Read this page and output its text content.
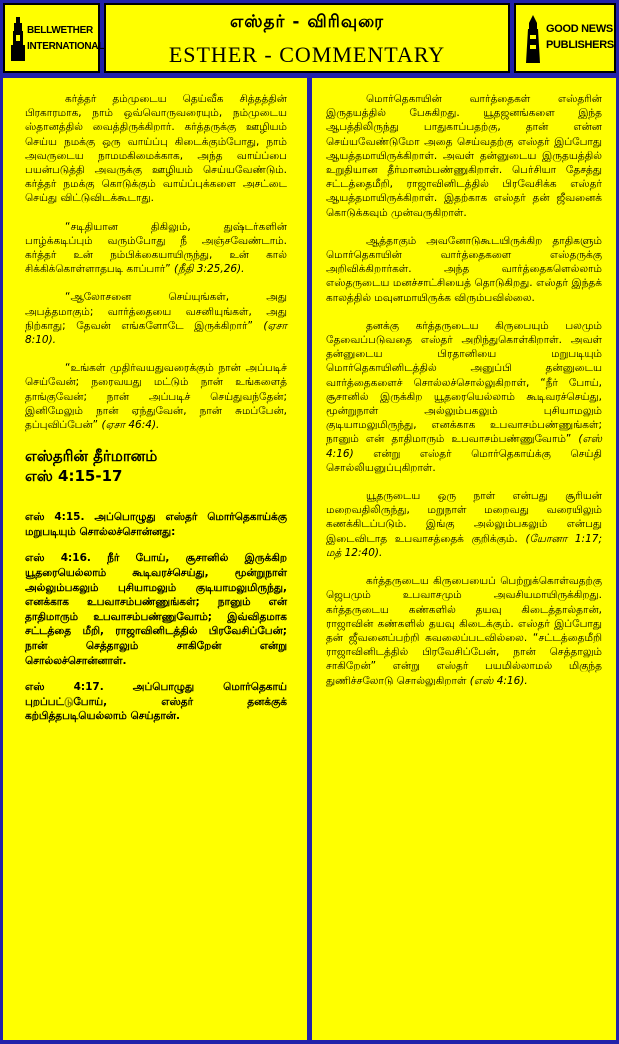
BELLWETHER
INTERNATIONAL
எஸ்தர் - விரிவுரை
ESTHER - COMMENTARY
GOOD NEWS
PUBLISHERS

கர்த்தர் தம்முடைய தெய்வீக சித்தத்தின் பிரகாரமாக, நாம் ஒவ்வொருவரையும், நம்முடைய ஸ்தானத்தில் வைத்திருக்கிறார். கர்த்தருக்கு ஊழியம் செய்ய நமக்கு ஒரு வாய்ப்பு கிடைக்கும்போது, நாம் அவருடைய நாமமகிமைக்காக, அந்த வாய்ப்பை பயன்படுத்தி அவருக்கு ஊழியம் செய்யவேண்டும். கர்த்தர் நமக்கு கொடுக்கும் வாய்ப்புக்களை அசட்டை செய்து விட்டுவிடக்கூடாது.

“சடிதியான திகிலும், துஷ்டர்களின் பாழ்க்கடிப்பும் வரும்போது நீ அஞ்சவேண்டாம். கர்த்தர் உன் நம்பிக்கையாயிருந்து, உன் கால் சிக்கிக்கொள்ளாதபடி காப்பார்” (நீதி 3:25,26).

“ஆலோசனை செய்யுங்கள், அது அபத்தமாகும்; வார்த்தையை வசனியுங்கள், அது நிற்காது; தேவன் எங்களோடே இருக்கிறார்” (ஏசா 8:10).

“உங்கள் முதிர்வயதுவரைக்கும் நான் அப்படிச் செய்வேன்; நரைவயது மட்டும் நான் உங்களைத் தாங்குவேன்; நான் அப்படிச் செய்துவந்தேன்; இனிமேலும் நான் ஏந்துவேன், நான் சுமப்பேன், தப்புவிப்பேன்” (ஏசா 46:4).

எஸ்தரின் தீர்மானம்
எஸ் 4:15-17

எஸ் 4:15. அப்பொழுது எஸ்தர் மொர்தெகாய்க்கு மறுபடியும் சொல்லச்சொன்னது:

எஸ் 4:16. நீர் போய், சூசானில் இருக்கிற யூதரையெல்லாம் கூடிவரச்செய்து, மூன்றுநாள் அல்லும்பகலும் புசியாமலும் குடியாமலுமிருந்து, எனக்காக உபவாசம்பண்ணுங்கள்; நானும் என் தாதிமாரும் உபவாசம்பண்ணுவோம்; இவ்விதமாக சட்டத்தை மீறி, ராஜாவினிடத்தில் பிரவேசிப்பேன்; நான் செத்தாலும் சாகிறேன் என்று சொல்லச்சொன்னாள்.

எஸ் 4:17. அப்பொழுது மொர்தெகாய் புறப்பட்டுபோய், எஸ்தர் தனக்குக் கற்பித்தபடியெல்லாம் செய்தான்.

மொர்தெகாயின் வார்த்தைகள் எஸ்தரின் இருதயத்தில் பேசுகிறது. யூதஜனங்களை இந்த ஆபத்திலிருந்து பாதுகாப்பதற்கு, தான் என்ன செய்யவேண்டுமோ அதை செய்வதற்கு எஸ்தர் இப்போது ஆயத்தமாயிருக்கிறாள். அவள் தன்னுடைய இருதயத்தில் உறுதியான தீர்மானம்பண்ணுகிறாள். பெர்சியா தேசத்து சட்டத்தைமீறி, ராஜாவினிடத்தில் பிரவேசிக்க எஸ்தர் ஆயத்தமாயிருக்கிறாள். இதற்காக எஸ்தர் தன் ஜீவனைக் கொடுக்கவும் முன்வருகிறாள்.

ஆத்தாகும் அவனோடுகூடயிருக்கிற தாதிகளும் மொர்தெகாயின் வார்த்தைகளை எஸ்தருக்கு அறிவிக்கிறார்கள். அந்த வார்த்தைகளெல்லாம் எஸ்தருடைய மனச்சாட்சியைத் தொடுகிறது. எஸ்தர் இந்தக் காலத்தில் மவுனமாயிருக்க விரும்பவில்லை.

தனக்கு கர்த்தருடைய கிருபையும் பலமும் தேவைப்படுவதை எஸ்தர் அறிந்துகொள்கிறாள். அவள் தன்னுடைய பிரதானியை மறுபடியும் மொர்தெகாயினிடத்தில் அனுப்பி தன்னுடைய வார்த்தைகளைச் சொல்லச்சொல்லுகிறாள், “நீர் போய், சூசானில் இருக்கிற யூதரையெல்லாம் கூடிவரச்செய்து, மூன்றுநாள் அல்லும்பகலும் புசியாமலும் குடியாமலுமிருந்து, எனக்காக உபவாசம்பண்ணுங்கள்; நானும் என் தாதிமாரும் உபவாசம்பண்ணுவோம்” (எஸ் 4:16) என்று எஸ்தர் மொர்தெகாய்க்கு செய்தி சொல்லியனுப்புகிறாள்.

யூதருடைய ஒரு நாள் என்பது சூரியன் மறைவதிலிருந்து, மறுநாள் மறைவது வரையிலும் கணக்கிடப்படும். இங்கு அல்லும்பகலும் என்பது இடைவிடாத உபவாசத்தைக் குறிக்கும். (யோனா 1:17; மத் 12:40).

கர்த்தருடைய கிருபையைப் பெற்றுக்கொள்வதற்கு ஜெபமும் உபவாசமும் அவசியமாயிருக்கிறது. கர்த்தருடைய கண்களில் தயவு கிடைத்தால்தான், ராஜாவின் கண்களில் தயவு கிடைக்கும். எஸ்தர் இப்போது தன் ஜீவனைப்பற்றி கவலைப்படவில்லை. “சட்டத்தைமீறி ராஜாவினிடத்தில் பிரவேசிப்பேன், நான் செத்தாலும் சாகிறேன்” என்று எஸ்தர் பயமில்லாமல் மிகுந்த துணிச்சலோடு சொல்லுகிறாள் (எஸ் 4:16).
